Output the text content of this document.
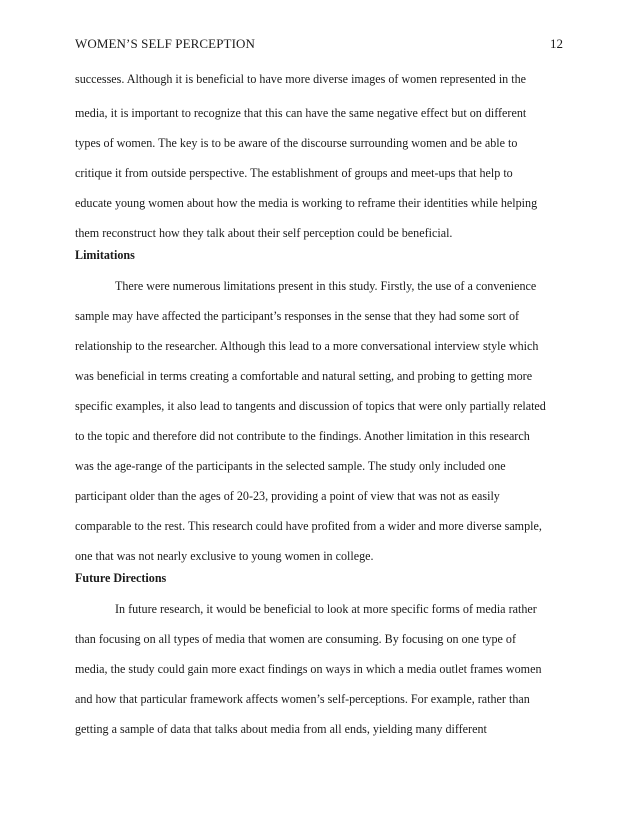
WOMEN’S SELF PERCEPTION	12
successes. Although it is beneficial to have more diverse images of women represented in the
media, it is important to recognize that this can have the same negative effect but on different
types of women. The key is to be aware of the discourse surrounding women and be able to
critique it from outside perspective. The establishment of groups and meet-ups that help to
educate young women about how the media is working to reframe their identities while helping
them reconstruct how they talk about their self perception could be beneficial.
Limitations
There were numerous limitations present in this study. Firstly, the use of a convenience
sample may have affected the participant’s responses in the sense that they had some sort of
relationship to the researcher. Although this lead to a more conversational interview style which
was beneficial in terms creating a comfortable and natural setting, and probing to getting more
specific examples, it also lead to tangents and discussion of topics that were only partially related
to the topic and therefore did not contribute to the findings. Another limitation in this research
was the age-range of the participants in the selected sample. The study only included one
participant older than the ages of 20-23, providing a point of view that was not as easily
comparable to the rest. This research could have profited from a wider and more diverse sample,
one that was not nearly exclusive to young women in college.
Future Directions
In future research, it would be beneficial to look at more specific forms of media rather
than focusing on all types of media that women are consuming. By focusing on one type of
media, the study could gain more exact findings on ways in which a media outlet frames women
and how that particular framework affects women’s self-perceptions. For example, rather than
getting a sample of data that talks about media from all ends, yielding many different
